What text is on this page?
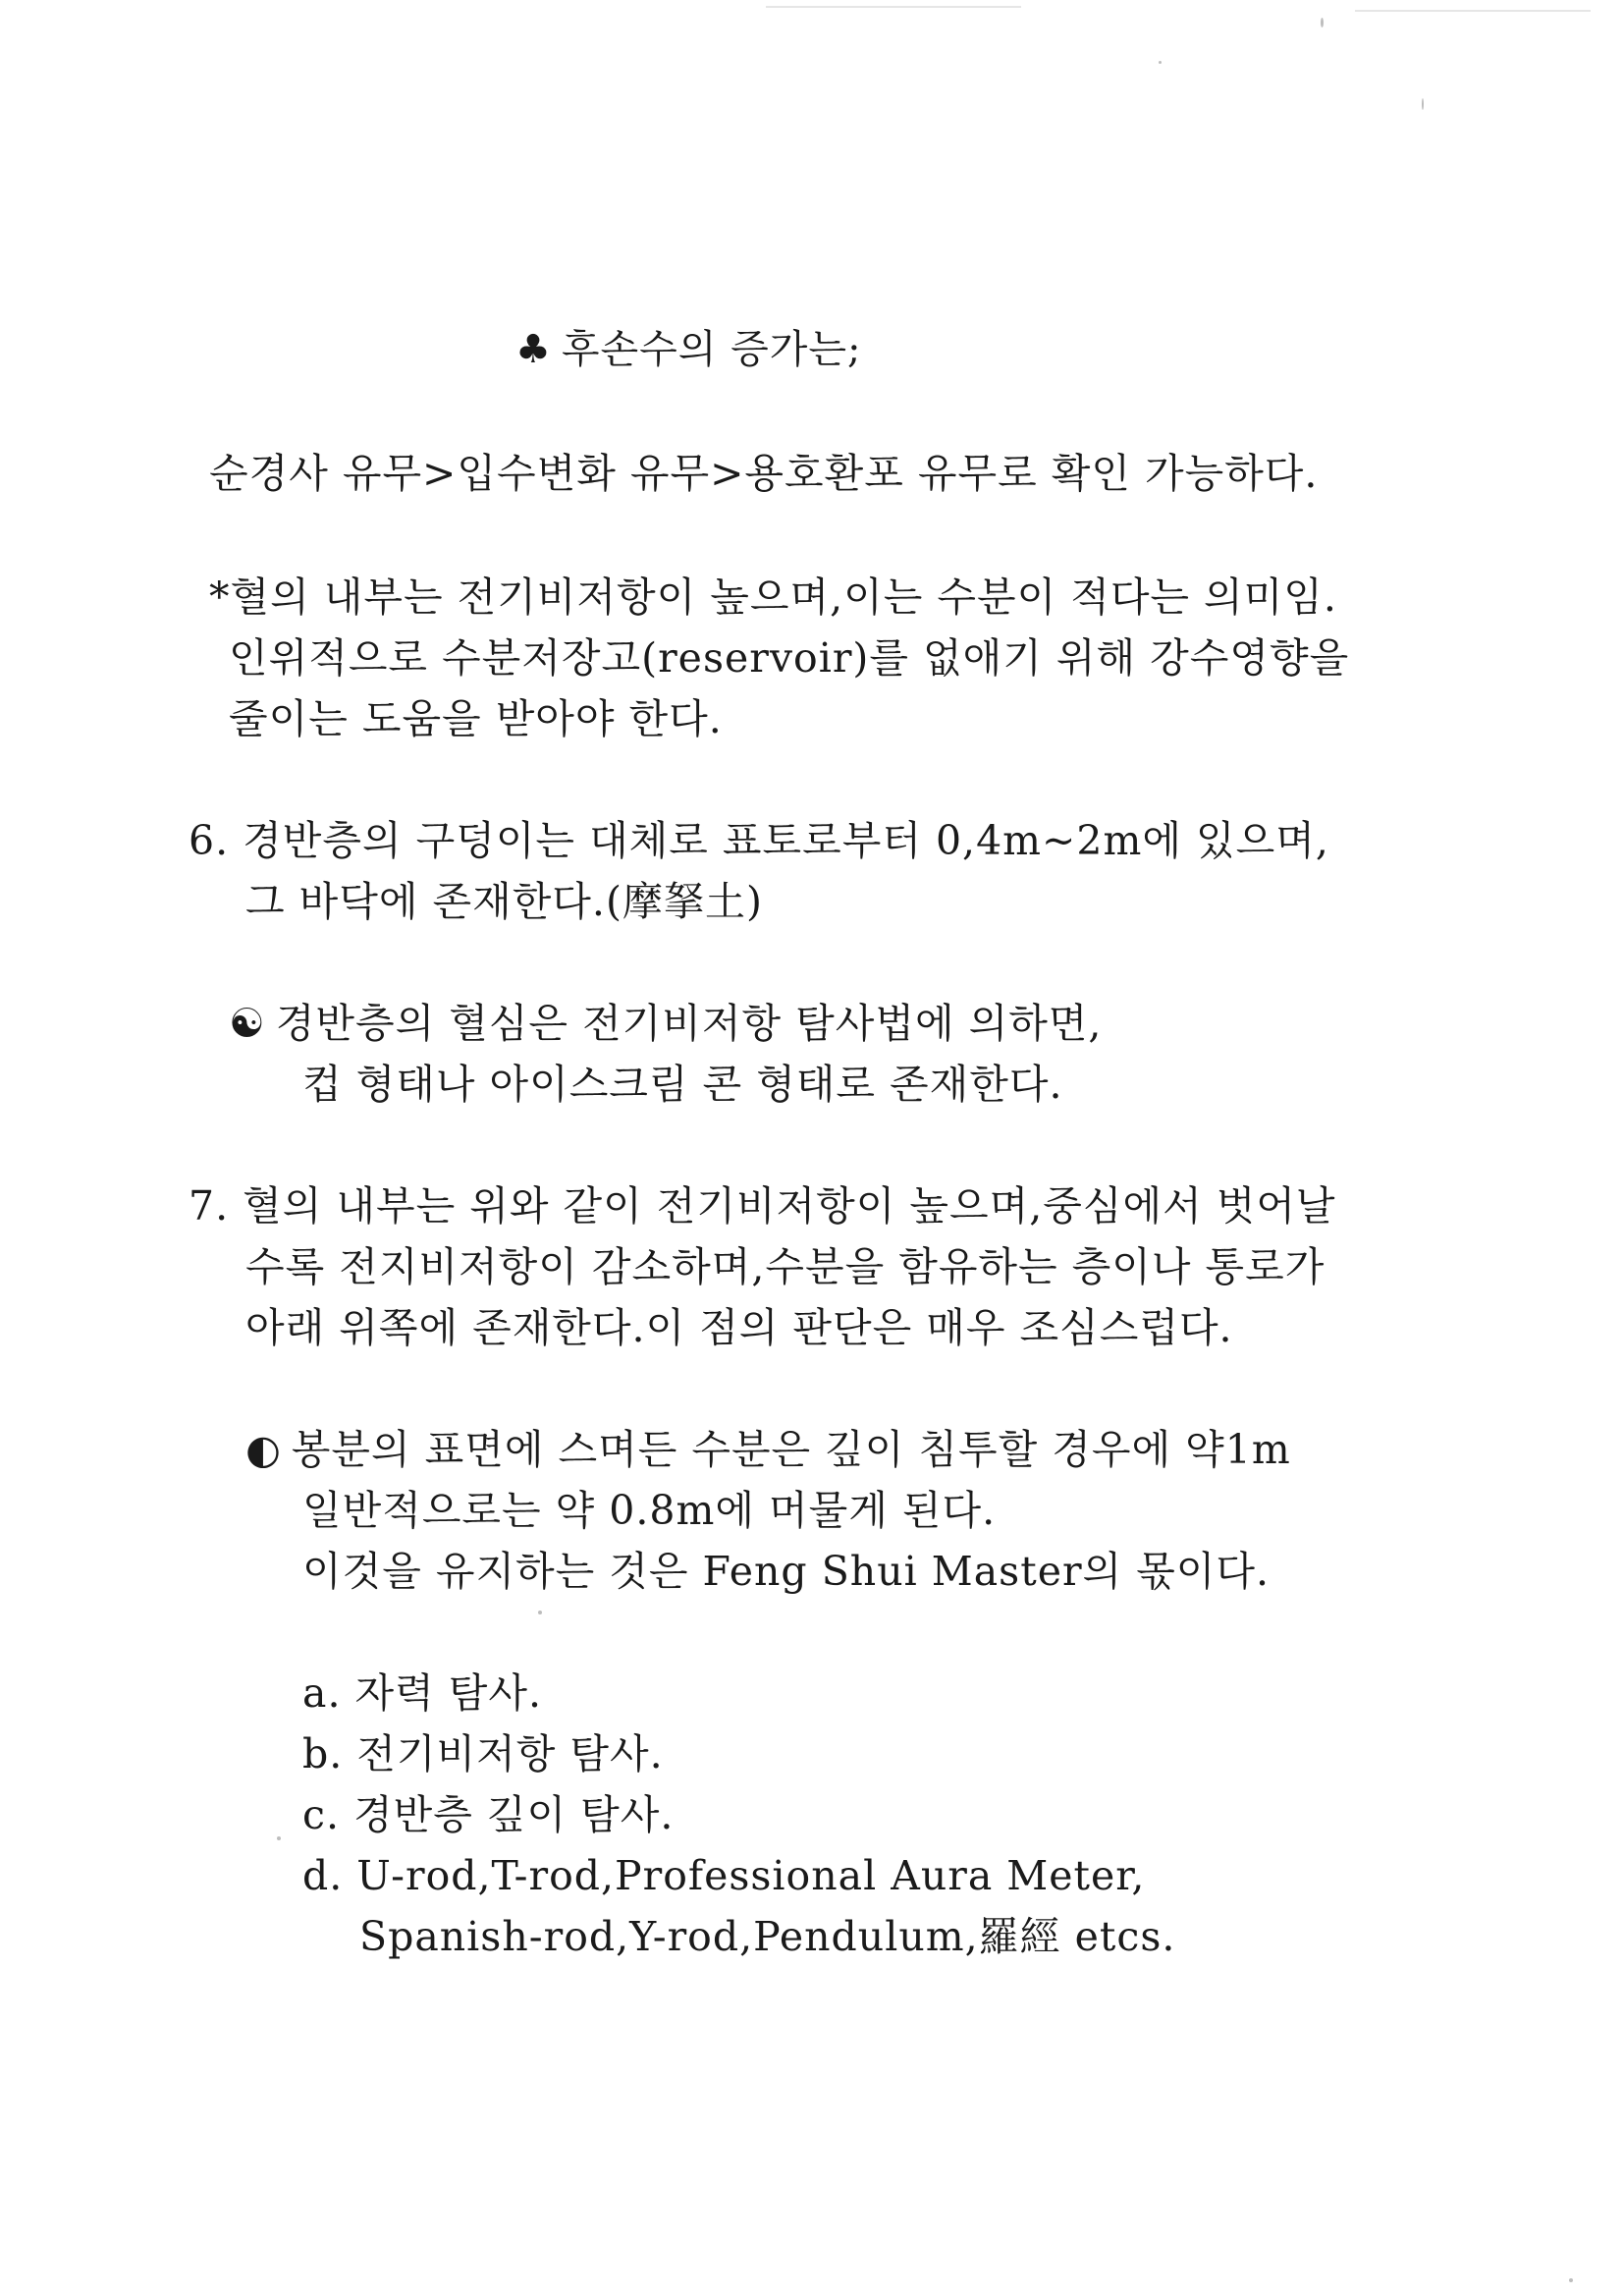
♣ 후손수의 증가는;
순경사 유무>입수변화 유무>용호환포 유무로 확인 가능하다.
*혈의 내부는 전기비저항이 높으며,이는 수분이 적다는 의미임.
인위적으로 수분저장고(reservoir)를 없애기 위해 강수영향을
줄이는 도움을 받아야 한다.
6. 경반층의 구덩이는 대체로 표토로부터 0,4m~2m에 있으며,
그 바닥에 존재한다.(摩拏土)
☯ 경반층의 혈심은 전기비저항 탐사법에 의하면,
컵 형태나 아이스크림 콘 형태로 존재한다.
7. 혈의 내부는 위와 같이 전기비저항이 높으며,중심에서 벗어날
수록 전지비저항이 감소하며,수분을 함유하는 층이나 통로가
아래 위쪽에 존재한다.이 점의 판단은 매우 조심스럽다.
◐ 봉분의 표면에 스며든 수분은 깊이 침투할 경우에 약1m
일반적으로는 약 0.8m에 머물게 된다.
이것을 유지하는 것은 Feng Shui Master의 몫이다.
a. 자력 탐사.
b. 전기비저항 탐사.
c. 경반층 깊이 탐사.
d. U-rod,T-rod,Professional Aura Meter,
Spanish-rod,Y-rod,Pendulum,羅經 etcs.
